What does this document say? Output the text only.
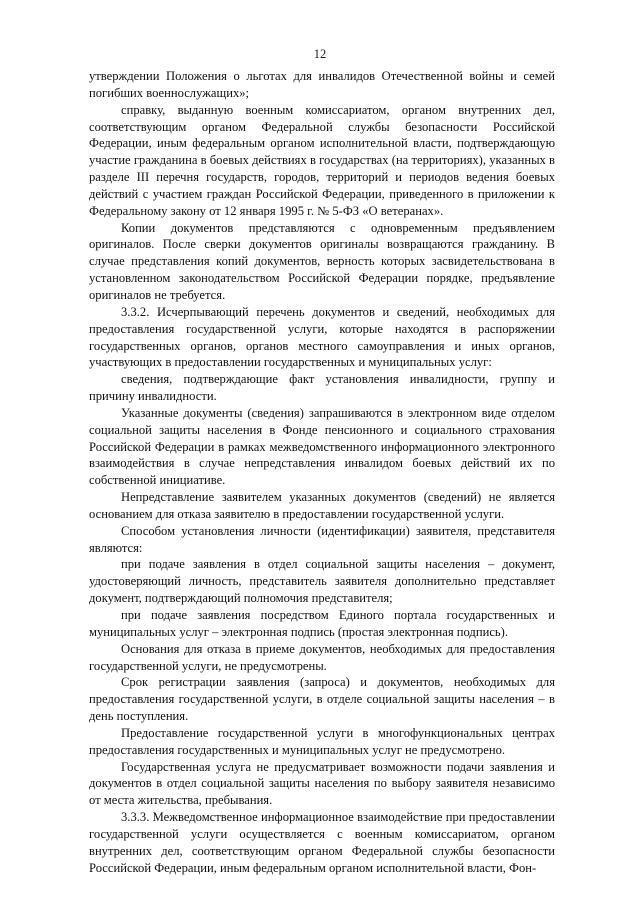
12

утверждении Положения о льготах для инвалидов Отечественной войны и семей погибших военнослужащих»;

справку, выданную военным комиссариатом, органом внутренних дел, соответствующим органом Федеральной службы безопасности Российской Федерации, иным федеральным органом исполнительной власти, подтверждающую участие гражданина в боевых действиях в государствах (на территориях), указанных в разделе III перечня государств, городов, территорий и периодов ведения боевых действий с участием граждан Российской Федерации, приведенного в приложении к Федеральному закону от 12 января 1995 г. № 5-ФЗ «О ветеранах».

Копии документов представляются с одновременным предъявлением оригиналов. После сверки документов оригиналы возвращаются гражданину. В случае представления копий документов, верность которых засвидетельствована в установленном законодательством Российской Федерации порядке, предъявление оригиналов не требуется.

3.3.2. Исчерпывающий перечень документов и сведений, необходимых для предоставления государственной услуги, которые находятся в распоряжении государственных органов, органов местного самоуправления и иных органов, участвующих в предоставлении государственных и муниципальных услуг:

сведения, подтверждающие факт установления инвалидности, группу и причину инвалидности.

Указанные документы (сведения) запрашиваются в электронном виде отделом социальной защиты населения в Фонде пенсионного и социального страхования Российской Федерации в рамках межведомственного информационного электронного взаимодействия в случае непредставления инвалидом боевых действий их по собственной инициативе.

Непредставление заявителем указанных документов (сведений) не является основанием для отказа заявителю в предоставлении государственной услуги.

Способом установления личности (идентификации) заявителя, представителя являются:

при подаче заявления в отдел социальной защиты населения – документ, удостоверяющий личность, представитель заявителя дополнительно представляет документ, подтверждающий полномочия представителя;

при подаче заявления посредством Единого портала государственных и муниципальных услуг – электронная подпись (простая электронная подпись).

Основания для отказа в приеме документов, необходимых для предоставления государственной услуги, не предусмотрены.

Срок регистрации заявления (запроса) и документов, необходимых для предоставления государственной услуги, в отделе социальной защиты населения – в день поступления.

Предоставление государственной услуги в многофункциональных центрах предоставления государственных и муниципальных услуг не предусмотрено.

Государственная услуга не предусматривает возможности подачи заявления и документов в отдел социальной защиты населения по выбору заявителя независимо от места жительства, пребывания.

3.3.3. Межведомственное информационное взаимодействие при предоставлении государственной услуги осуществляется с военным комиссариатом, органом внутренних дел, соответствующим органом Федеральной службы безопасности Российской Федерации, иным федеральным органом исполнительной власти, Фон-
